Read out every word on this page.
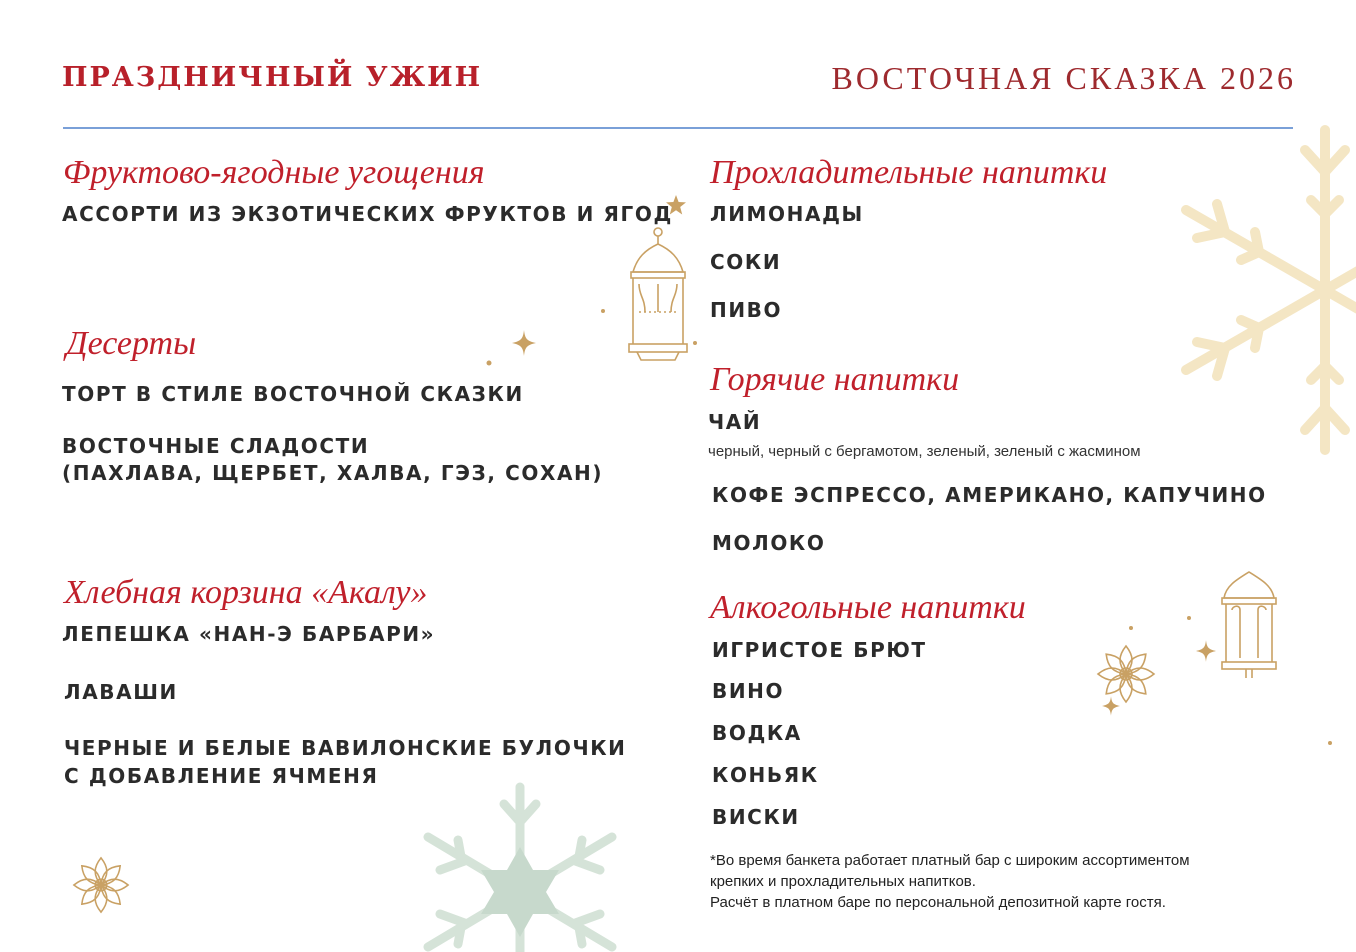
ПРАЗДНИЧНЫЙ УЖИН	ВОСТОЧНАЯ СКАЗКА 2026
Фруктово-ягодные угощения
АССОРТИ ИЗ ЭКЗОТИЧЕСКИХ ФРУКТОВ И ЯГОД
Десерты
ТОРТ В СТИЛЕ ВОСТОЧНОЙ СКАЗКИ
ВОСТОЧНЫЕ СЛАДОСТИ
(ПАХЛАВА, ЩЕРБЕТ, ХАЛВА, ГЭЗ, СОХАН)
Хлебная корзина «Акалу»
ЛЕПЕШКА «НАН-Э БАРБАРИ»
ЛАВАШИ
ЧЕРНЫЕ И БЕЛЫЕ ВАВИЛОНСКИЕ БУЛОЧКИ
С ДОБАВЛЕНИЕ ЯЧМЕНЯ
Прохладительные напитки
ЛИМОНАДЫ
СОКИ
ПИВО
Горячие напитки
ЧАЙ
черный, черный с бергамотом, зеленый, зеленый с жасмином
КОФЕ ЭСПРЕССО, АМЕРИКАНО, КАПУЧИНО
МОЛОКО
Алкогольные напитки
ИГРИСТОЕ БРЮТ
ВИНО
ВОДКА
КОНЬЯК
ВИСКИ
*Во время банкета работает платный бар с широким ассортиментом
крепких и прохладительных напитков.
Расчёт в платном баре по персональной депозитной карте гостя.
